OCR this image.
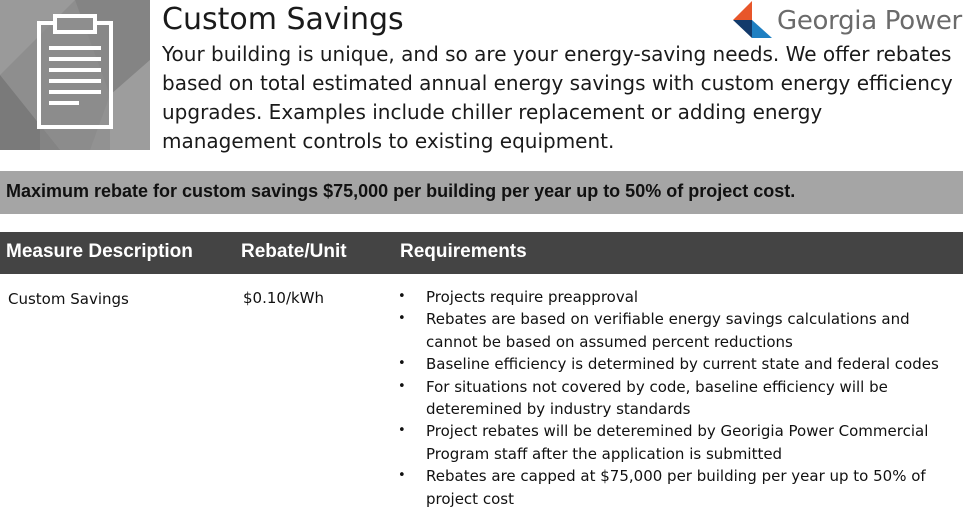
Custom Savings

Your building is unique, and so are your energy-saving needs. We offer rebates based on total estimated annual energy savings with custom energy efficiency upgrades. Examples include chiller replacement or adding energy management controls to existing equipment.

Georgia Power
Maximum rebate for custom savings $75,000 per building per year up to 50% of project cost.
Measure Description	Rebate/Unit	Requirements
Custom Savings	$0.10/kWh
•	Projects require preapproval
• Rebates are based on verifiable energy savings calculations and cannot be based on assumed percent reductions
• Baseline efficiency is determined by current state and federal codes
• For situations not covered by code, baseline efficiency will be deteremined by industry standards
• Project rebates will be deteremined by Georigia Power Commercial Program staff after the application is submitted
• Rebates are capped at $75,000 per building per year up to 50% of project cost
